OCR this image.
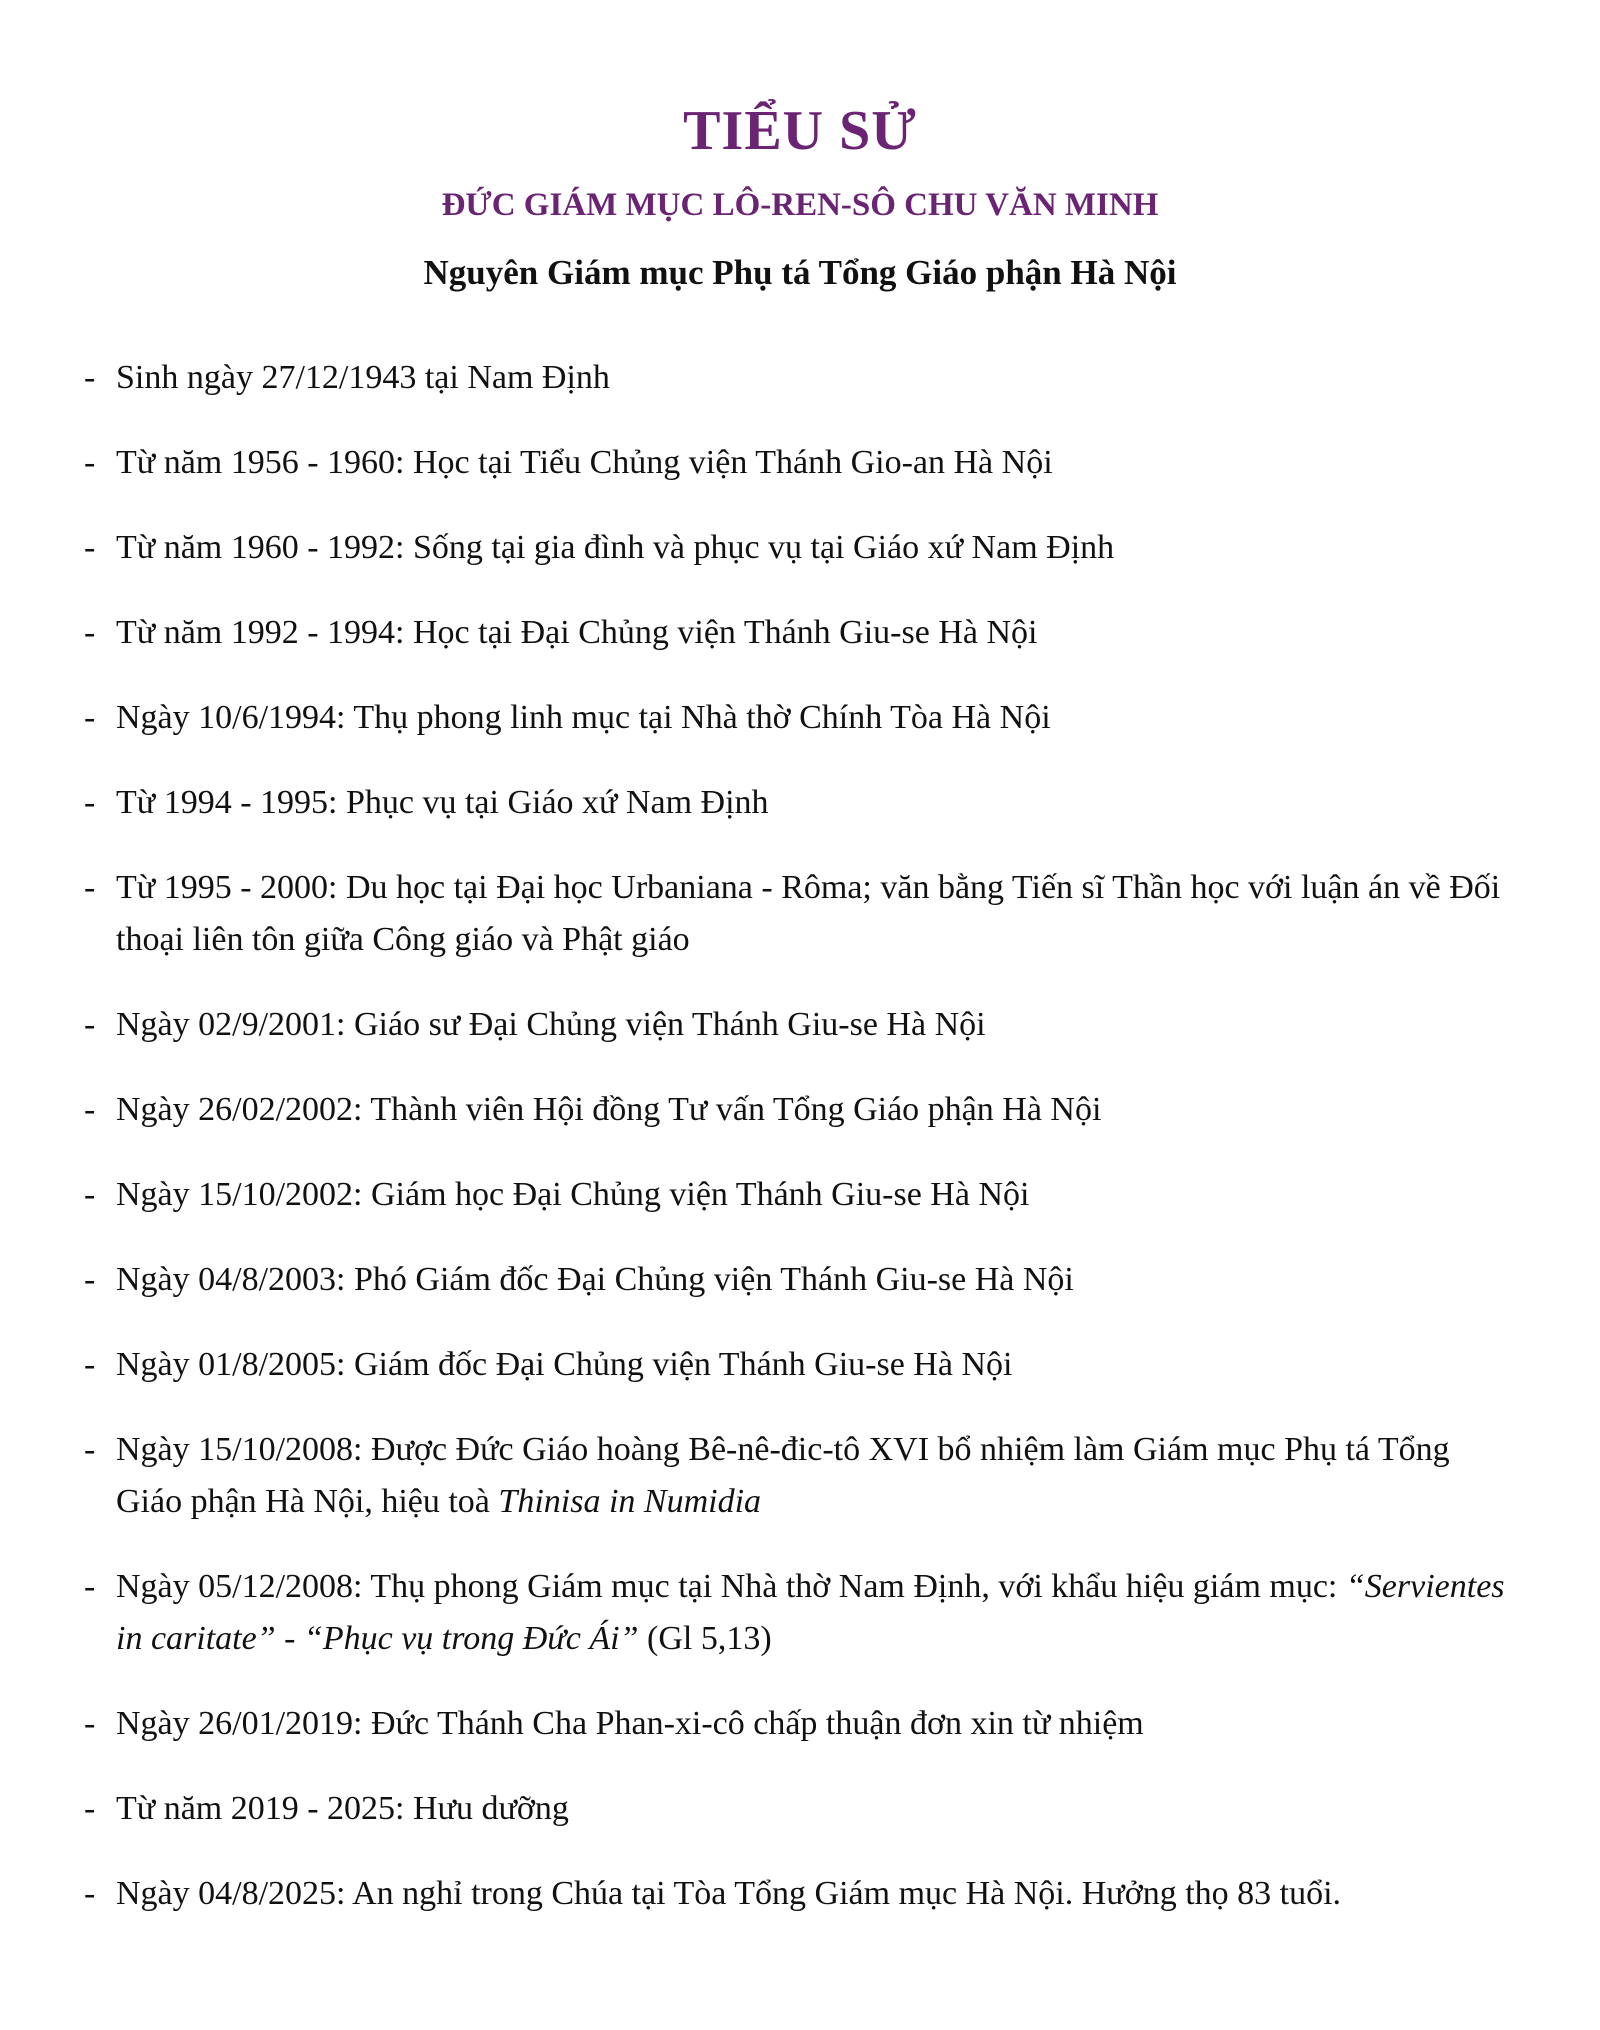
TIỂU SỬ
ĐỨC GIÁM MỤC LÔ-REN-SÔ CHU VĂN MINH
Nguyên Giám mục Phụ tá Tổng Giáo phận Hà Nội
- Sinh ngày 27/12/1943 tại Nam Định
- Từ năm 1956 - 1960: Học tại Tiểu Chủng viện Thánh Gio-an Hà Nội
- Từ năm 1960 - 1992: Sống tại gia đình và phục vụ tại Giáo xứ Nam Định
- Từ năm 1992 - 1994: Học tại Đại Chủng viện Thánh Giu-se Hà Nội
- Ngày 10/6/1994: Thụ phong linh mục tại Nhà thờ Chính Tòa Hà Nội
- Từ 1994 - 1995: Phục vụ tại Giáo xứ Nam Định
- Từ 1995 - 2000: Du học tại Đại học Urbaniana - Rôma; văn bằng Tiến sĩ Thần học với luận án về Đối thoại liên tôn giữa Công giáo và Phật giáo
- Ngày 02/9/2001: Giáo sư Đại Chủng viện Thánh Giu-se Hà Nội
- Ngày 26/02/2002: Thành viên Hội đồng Tư vấn Tổng Giáo phận Hà Nội
- Ngày 15/10/2002: Giám học Đại Chủng viện Thánh Giu-se Hà Nội
- Ngày 04/8/2003: Phó Giám đốc Đại Chủng viện Thánh Giu-se Hà Nội
- Ngày 01/8/2005: Giám đốc Đại Chủng viện Thánh Giu-se Hà Nội
- Ngày 15/10/2008: Được Đức Giáo hoàng Bê-nê-đic-tô XVI bổ nhiệm làm Giám mục Phụ tá Tổng Giáo phận Hà Nội, hiệu toà Thinisa in Numidia
- Ngày 05/12/2008: Thụ phong Giám mục tại Nhà thờ Nam Định, với khẩu hiệu giám mục: “Servientes in caritate” - “Phục vụ trong Đức Ái” (Gl 5,13)
- Ngày 26/01/2019: Đức Thánh Cha Phan-xi-cô chấp thuận đơn xin từ nhiệm
- Từ năm 2019 - 2025: Hưu dưỡng
- Ngày 04/8/2025: An nghỉ trong Chúa tại Tòa Tổng Giám mục Hà Nội. Hưởng thọ 83 tuổi.
